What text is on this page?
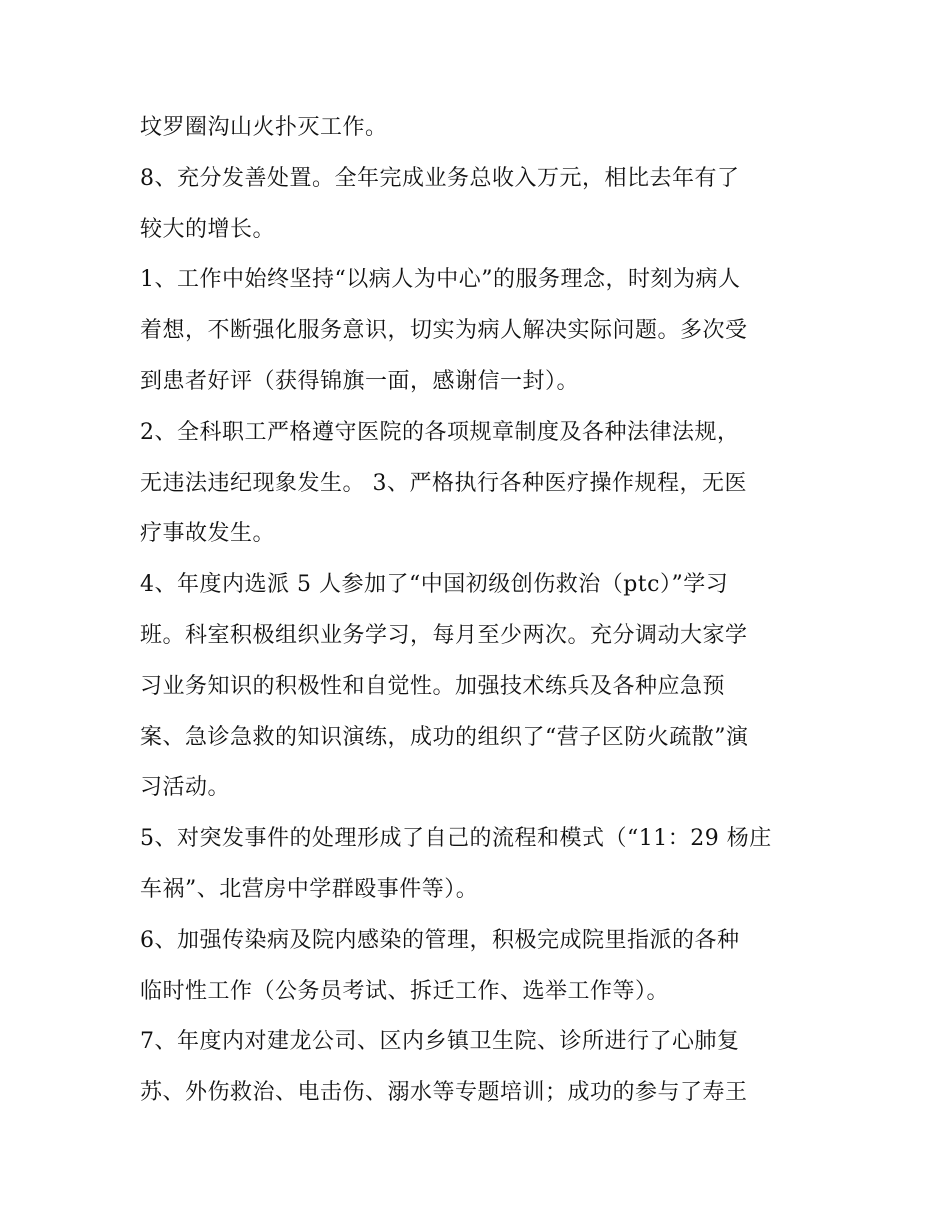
坟罗圈沟山火扑灭工作。
8、充分发善处置。全年完成业务总收入万元，相比去年有了
较大的增长。
1、工作中始终坚持“以病人为中心”的服务理念，时刻为病人
着想，不断强化服务意识，切实为病人解决实际问题。多次受
到患者好评（获得锦旗一面，感谢信一封）。
2、全科职工严格遵守医院的各项规章制度及各种法律法规，
无违法违纪现象发生。 3、严格执行各种医疗操作规程，无医
疗事故发生。
4、年度内选派 5 人参加了“中国初级创伤救治（ptc）”学习
班。科室积极组织业务学习，每月至少两次。充分调动大家学
习业务知识的积极性和自觉性。加强技术练兵及各种应急预
案、急诊急救的知识演练，成功的组织了“营子区防火疏散”演
习活动。
5、对突发事件的处理形成了自己的流程和模式（“11：29 杨庄
车祸”、北营房中学群殴事件等）。
6、加强传染病及院内感染的管理，积极完成院里指派的各种
临时性工作（公务员考试、拆迁工作、选举工作等）。
7、年度内对建龙公司、区内乡镇卫生院、诊所进行了心肺复
苏、外伤救治、电击伤、溺水等专题培训；成功的参与了寿王
